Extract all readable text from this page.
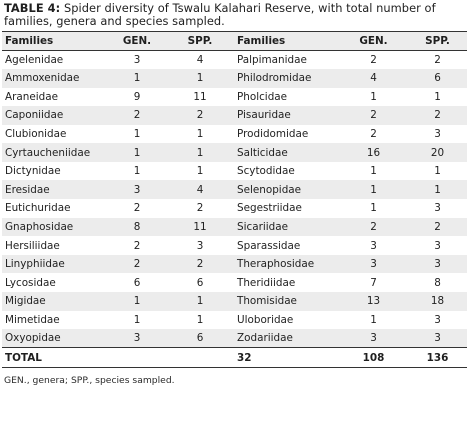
TABLE 4: Spider diversity of Tswalu Kalahari Reserve, with total number of families, genera and species sampled.
Families	GEN.	SPP.	Families	GEN.	SPP.
Agelenidae	3	4	Palpimanidae	2	2
Ammoxenidae	1	1	Philodromidae	4	6
Araneidae	9	11	Pholcidae	1	1
Caponiidae	2	2	Pisauridae	2	2
Clubionidae	1	1	Prodidomidae	2	3
Cyrtaucheniidae	1	1	Salticidae	16	20
Dictynidae	1	1	Scytodidae	1	1
Eresidae	3	4	Selenopidae	1	1
Eutichuridae	2	2	Segestriidae	1	3
Gnaphosidae	8	11	Sicariidae	2	2
Hersiliidae	2	3	Sparassidae	3	3
Linyphiidae	2	2	Theraphosidae	3	3
Lycosidae	6	6	Theridiidae	7	8
Migidae	1	1	Thomisidae	13	18
Mimetidae	1	1	Uloboridae	1	3
Oxyopidae	3	6	Zodariidae	3	3
TOTAL			32	108	136
GEN., genera; SPP., species sampled.
